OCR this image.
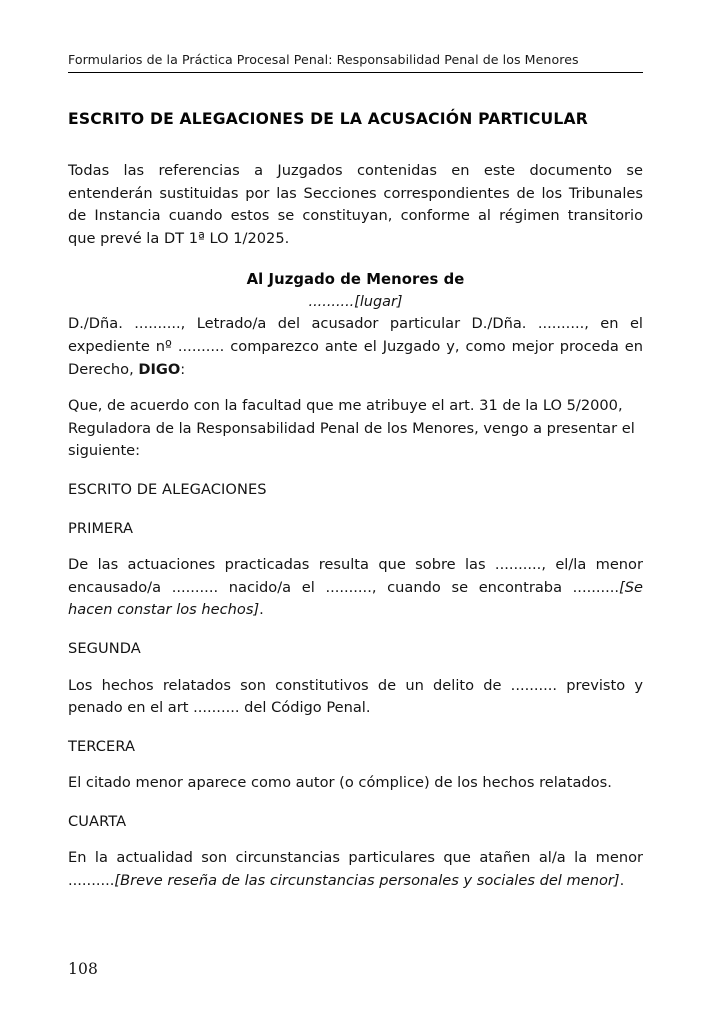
Formularios de la Práctica Procesal Penal: Responsabilidad Penal de los Menores
ESCRITO DE ALEGACIONES DE LA ACUSACIÓN PARTICULAR

Todas las referencias a Juzgados contenidas en este documento se entenderán sustituidas por las Secciones correspondientes de los Tribunales de Instancia cuando estos se constituyan, conforme al régimen transitorio que prevé la DT 1ª LO 1/2025.

Al Juzgado de Menores de

..........[lugar]

D./Dña. .........., Letrado/a del acusador particular D./Dña. .........., en el expediente nº .......... comparezco ante el Juzgado y, como mejor proceda en Derecho, DIGO:

Que, de acuerdo con la facultad que me atribuye el art. 31 de la LO 5/2000, Reguladora de la Responsabilidad Penal de los Menores, vengo a presentar el siguiente:

ESCRITO DE ALEGACIONES

PRIMERA

De las actuaciones practicadas resulta que sobre las .........., el/la menor encausado/a .......... nacido/a el .........., cuando se encontraba ..........[Se hacen constar los hechos].

SEGUNDA

Los hechos relatados son constitutivos de un delito de .......... previsto y penado en el art .......... del Código Penal.

TERCERA

El citado menor aparece como autor (o cómplice) de los hechos relatados.

CUARTA

En la actualidad son circunstancias particulares que atañen al/a la menor ..........[Breve reseña de las circunstancias personales y sociales del menor].

108
